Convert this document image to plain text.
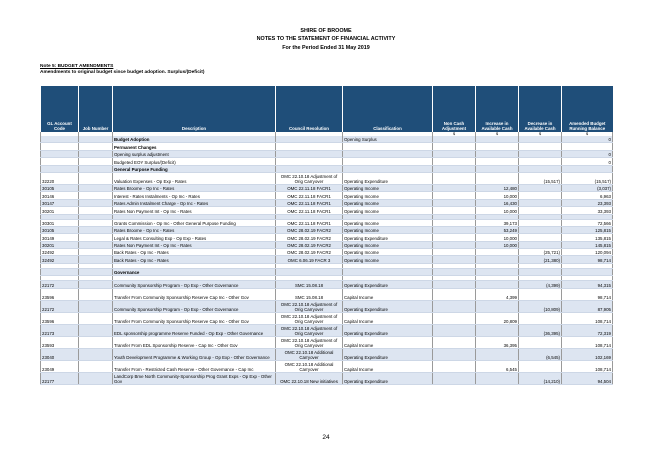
SHIRE OF BROOME
NOTES TO THE STATEMENT OF FINANCIAL ACTIVITY
For the Period Ended 31 May 2019
Note 5: BUDGET AMENDMENTS
Amendments to original budget since budget adoption. Surplus/(Deficit)
GL Account Code	Job Number	Description	Council Resolution	Classification	Non Cash Adjustment	Increase in Available Cash	Decrease in Available Cash	Amended Budget Running Balance
					$	$	$	$
		Budget Adoption		Opening Surplus				0
		Permanent Changes						
		Opening surplus adjustment						0
		Budgeted EOY Surplus/(Deficit)						0
		General Purpose Funding						
32220		Valuation Expenses - Op Exp - Rates	OMC 22.10.18 Adjustment of Orig Carryover	Operating Expenditure			(15,517)	(15,517)
30105		Rates Broome - Op Inc - Rates	OMC 22.11.18 FACR1	Operating Income		12,480		(3,037)
30146		Interest - Rates Instalments - Op Inc - Rates	OMC 22.11.18 FACR1	Operating Income		10,000		6,963
30147		Rates Admin Instalment Charge - Op Inc - Rates	OMC 22.11.18 FACR1	Operating Income		16,430		23,393
30201		Rates Non Payment Int - Op Inc - Rates	OMC 22.11.18 FACR1	Operating Income		10,000		33,393

30301		Grants Commission - Op Inc - Other General Purpose Funding	OMC 22.11.18 FACR1	Operating Income		39,173		72,566
30105		Rates Broome - Op Inc - Rates	OMC 28.02.19 FACR2	Operating Income		53,249		125,815
30149		Legal & Rates Consulting Exp - Op Exp - Rates	OMC 28.02.19 FACR2	Operating Expenditure		10,000		135,815
30201		Rates Non Payment Int - Op Inc - Rates	OMC 28.02.19 FACR2	Operating Income		10,000		145,815
32492		Back Rates - Op Inc - Rates	OMC 28.02.19 FACR2	Operating Income			(25,721)	120,094
32492		Back Rates - Op Inc - Rates	OMC 6.06.19 FACR 3	Operating Income			(21,380)	98,714

		Governance						

22172		Community Sponsorship Program - Op Exp - Other Governance	SMC 15.08.18	Operating Expenditure			(4,399)	94,315
23596		Transfer From Community Sponsorship Reserve Cap Inc - Other Gov	SMC 15.08.18	Capital Income		4,399		98,714
22172		Community Sponsorship Program - Op Exp - Other Governance	OMC 22.10.18 Adjustment of Orig Carryover	Operating Expenditure			(10,809)	87,905
23596		Transfer From Community Sponsorship Reserve Cap Inc - Other Gov	OMC 22.10.18 Adjustment of Orig Carryover	Capital Income		20,809		108,714
22173		EDL sponsorship programme Reserve Funded - Op Exp - Other Governance	OMC 22.10.18 Adjustment of Orig Carryover	Operating Expenditure			(36,395)	72,319
23593		Transfer From EDL Sponsorship Reserve - Cap Inc - Other Gov	OMC 22.10.18 Adjustment of Orig Carryover	Capital Income		36,395		108,714
23040		Youth Development Programme & Working Group - Op Exp - Other Governance	OMC 22.10.18 Additional Carryover	Operating Expenditure			(6,545)	102,169
23049		Transfer From - Restricted Cash Reserve - Other Governance - Cap Inc	OMC 22.10.18 Additional Carryover	Capital Income		6,545		108,714
22177		LandCorp Bme North Community-Sponsorship Prog Grant Exps - Op Exp - Other Gov	OMC 22.10.18 New initiatives	Operating Expenditure			(14,210)	94,504
24
